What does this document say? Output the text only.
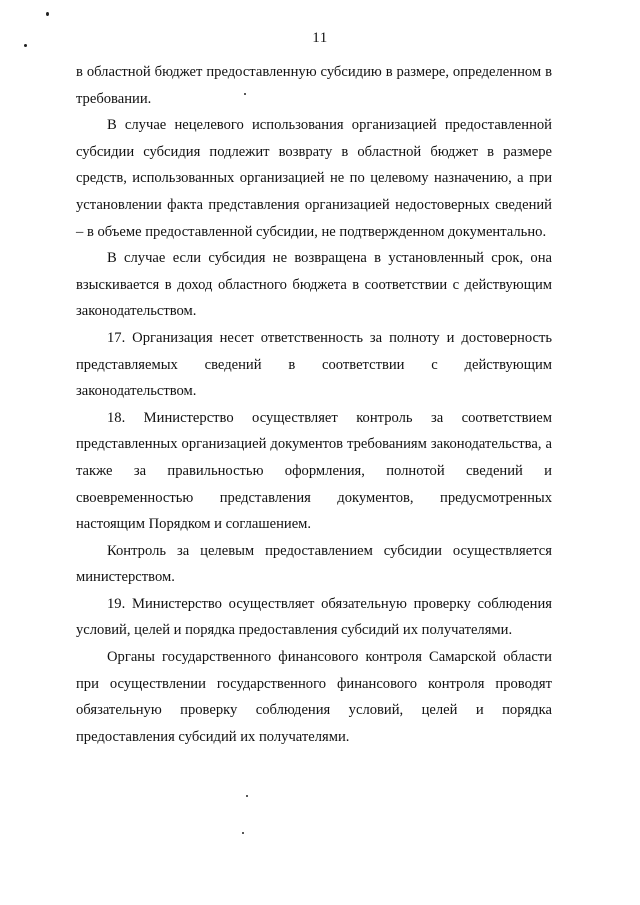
11

в областной бюджет предоставленную субсидию в размере, определенном в требовании.

В случае нецелевого использования организацией предоставленной субсидии субсидия подлежит возврату в областной бюджет в размере средств, использованных организацией не по целевому назначению, а при установлении факта представления организацией недостоверных сведений – в объеме предоставленной субсидии, не подтвержденном документально.

В случае если субсидия не возвращена в установленный срок, она взыскивается в доход областного бюджета в соответствии с действующим законодательством.

17. Организация несет ответственность за полноту и достоверность представляемых сведений в соответствии с действующим законодательством.

18. Министерство осуществляет контроль за соответствием представленных организацией документов требованиям законодательства, а также за правильностью оформления, полнотой сведений и своевременностью представления документов, предусмотренных настоящим Порядком и соглашением.

Контроль за целевым предоставлением субсидии осуществляется министерством.

19. Министерство осуществляет обязательную проверку соблюдения условий, целей и порядка предоставления субсидий их получателями.

Органы государственного финансового контроля Самарской области при осуществлении государственного финансового контроля проводят обязательную проверку соблюдения условий, целей и порядка предоставления субсидий их получателями.
